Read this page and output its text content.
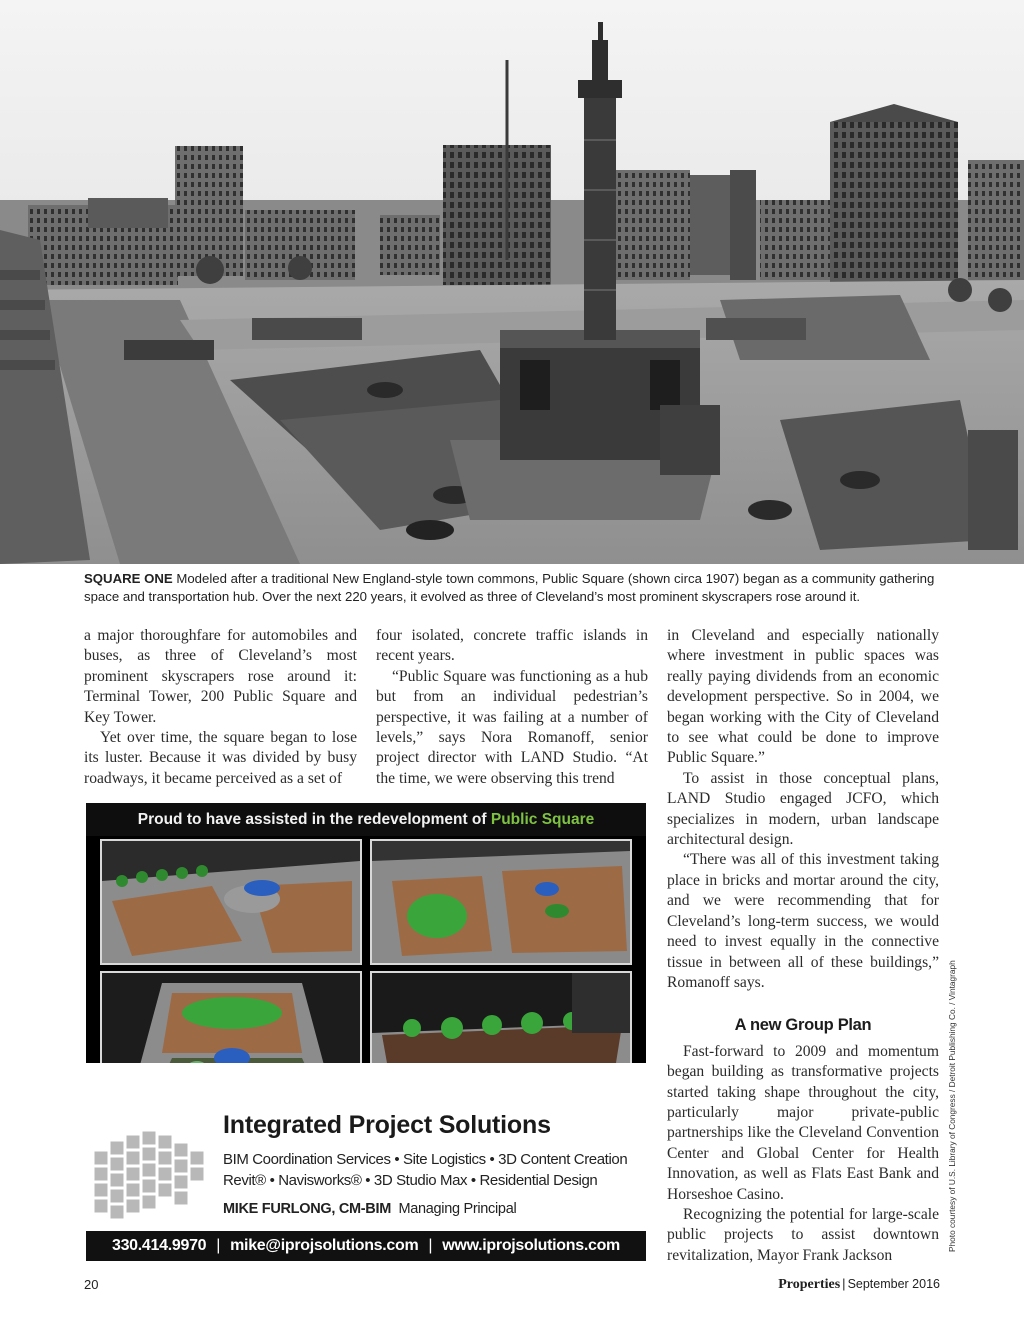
SQUARE ONE Modeled after a traditional New England-style town commons, Public Square (shown circa 1907) began as a community gathering space and transportation hub. Over the next 220 years, it evolved as three of Cleveland’s most prominent skyscrapers rose around it.

a major thoroughfare for automobiles and buses, as three of Cleveland’s most prominent skyscrapers rose around it: Terminal Tower, 200 Public Square and Key Tower.

Yet over time, the square began to lose its luster. Because it was divided by busy roadways, it became perceived as a set of

four isolated, concrete traffic islands in recent years.

“Public Square was functioning as a hub but from an individual pedestrian’s perspective, it was failing at a number of levels,” says Nora Romanoff, senior project director with LAND Studio. “At the time, we were observing this trend

in Cleveland and especially nationally where investment in public spaces was really paying dividends from an economic development perspective. So in 2004, we began working with the City of Cleveland to see what could be done to improve Public Square.”

To assist in those conceptual plans, LAND Studio engaged JCFO, which specializes in modern, urban landscape architectural design.

“There was all of this investment taking place in bricks and mortar around the city, and we were recommending that for Cleveland’s long-term success, we would need to invest equally in the connective tissue in between all of these buildings,” Romanoff says.

A new Group Plan

Fast-forward to 2009 and momentum began building as transformative projects started taking shape throughout the city, particularly major private-public partnerships like the Cleveland Convention Center and Global Center for Health Innovation, as well as Flats East Bank and Horseshoe Casino.

Recognizing the potential for large-scale public projects to assist downtown revitalization, Mayor Frank Jackson

Photo courtesy of U.S. Library of Congress / Detroit Publishing Co. / Vintagraph
Proud to have assisted in the redevelopment of Public Square
Integrated Project Solutions
BIM Coordination Services • Site Logistics • 3D Content Creation
Revit® • Navisworks® • 3D Studio Max • Residential Design
MIKE FURLONG, CM-BIM Managing Principal
330.414.9970 | mike@iprojsolutions.com | www.iprojsolutions.com
20	Properties | September 2016
